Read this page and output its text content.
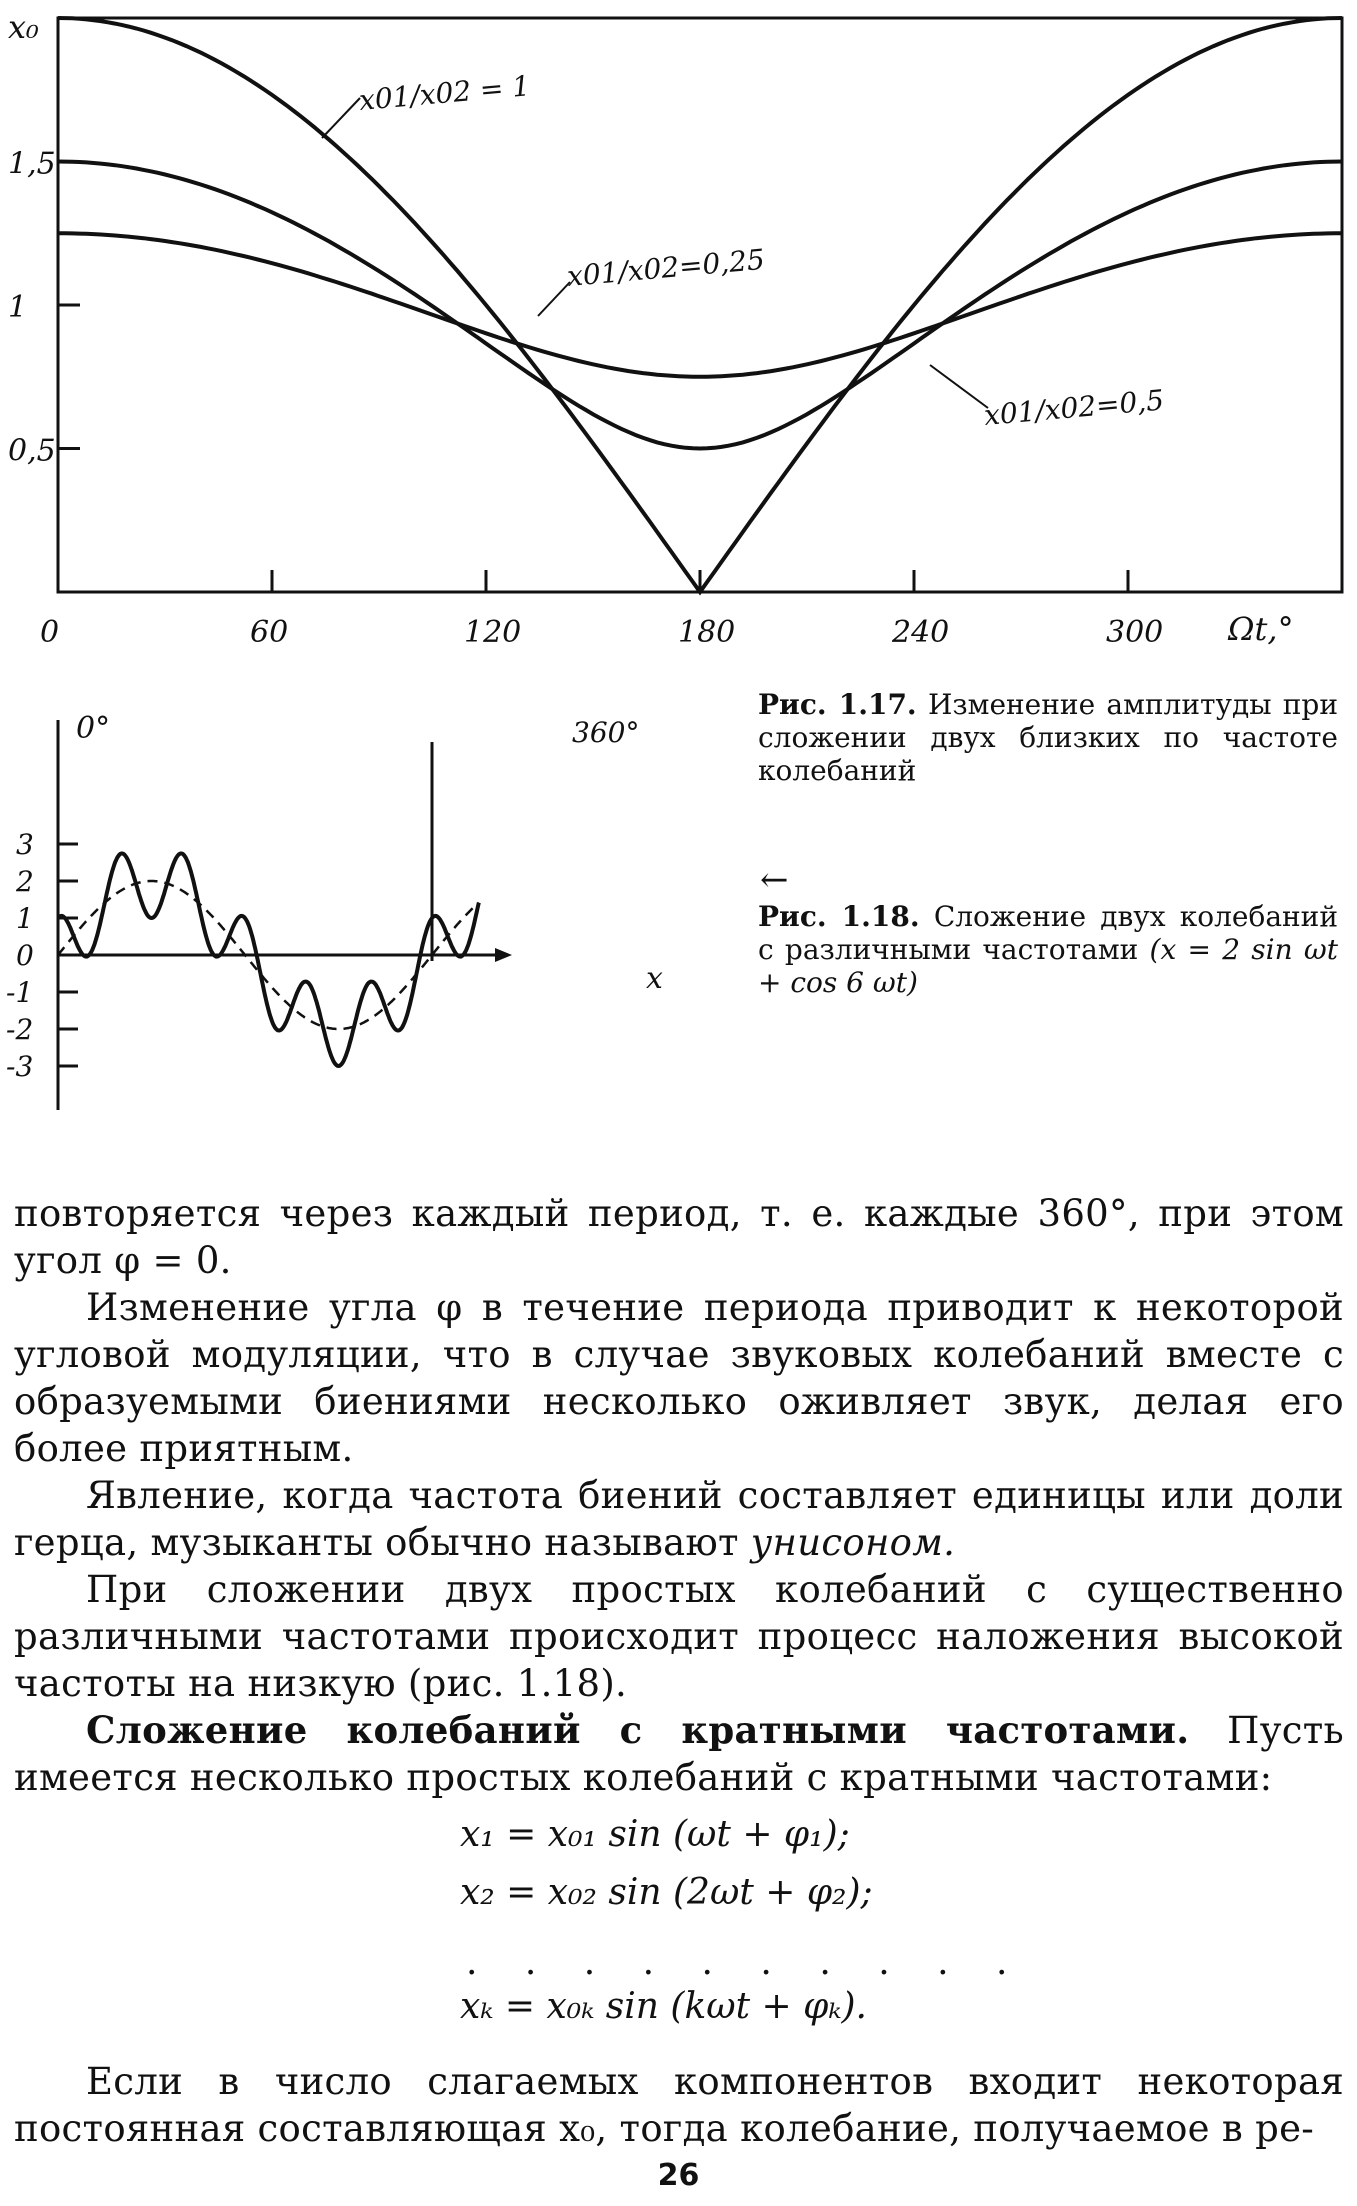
x₀
Ωt,°
0	60	120	180	240	300
0,5
1
1,5
x01/x02 = 1
x01/x02=0,25
x01/x02=0,5
0°	360°
x
3
2
1
0
-1
-2
-3

Рис. 1.17. Изменение амплитуды при сложении двух близких по частоте колебаний

←

Рис. 1.18. Сложение двух колебаний с различными частотами (x = 2 sin ωt + cos 6 ωt)

повторяется через каждый период, т. е. каждые 360°, при этом угол φ = 0.

Изменение угла φ в течение периода приводит к некоторой угловой модуляции, что в случае звуковых колебаний вместе с образуемыми биениями несколько оживляет звук, делая его более приятным.

Явление, когда частота биений составляет единицы или доли герца, музыканты обычно называют унисоном.

При сложении двух простых колебаний с существенно различными частотами происходит процесс наложения высокой частоты на низкую (рис. 1.18).

Сложение колебаний с кратными частотами. Пусть имеется несколько простых колебаний с кратными частотами:

x₁ = x₀₁ sin (ωt + φ₁);
x₂ = x₀₂ sin (2ωt + φ₂);
. . . . . . . . . .
xₖ = x₀ₖ sin (kωt + φₖ).

Если в число слагаемых компонентов входит некоторая постоянная составляющая x₀, тогда колебание, получаемое в ре-

26
